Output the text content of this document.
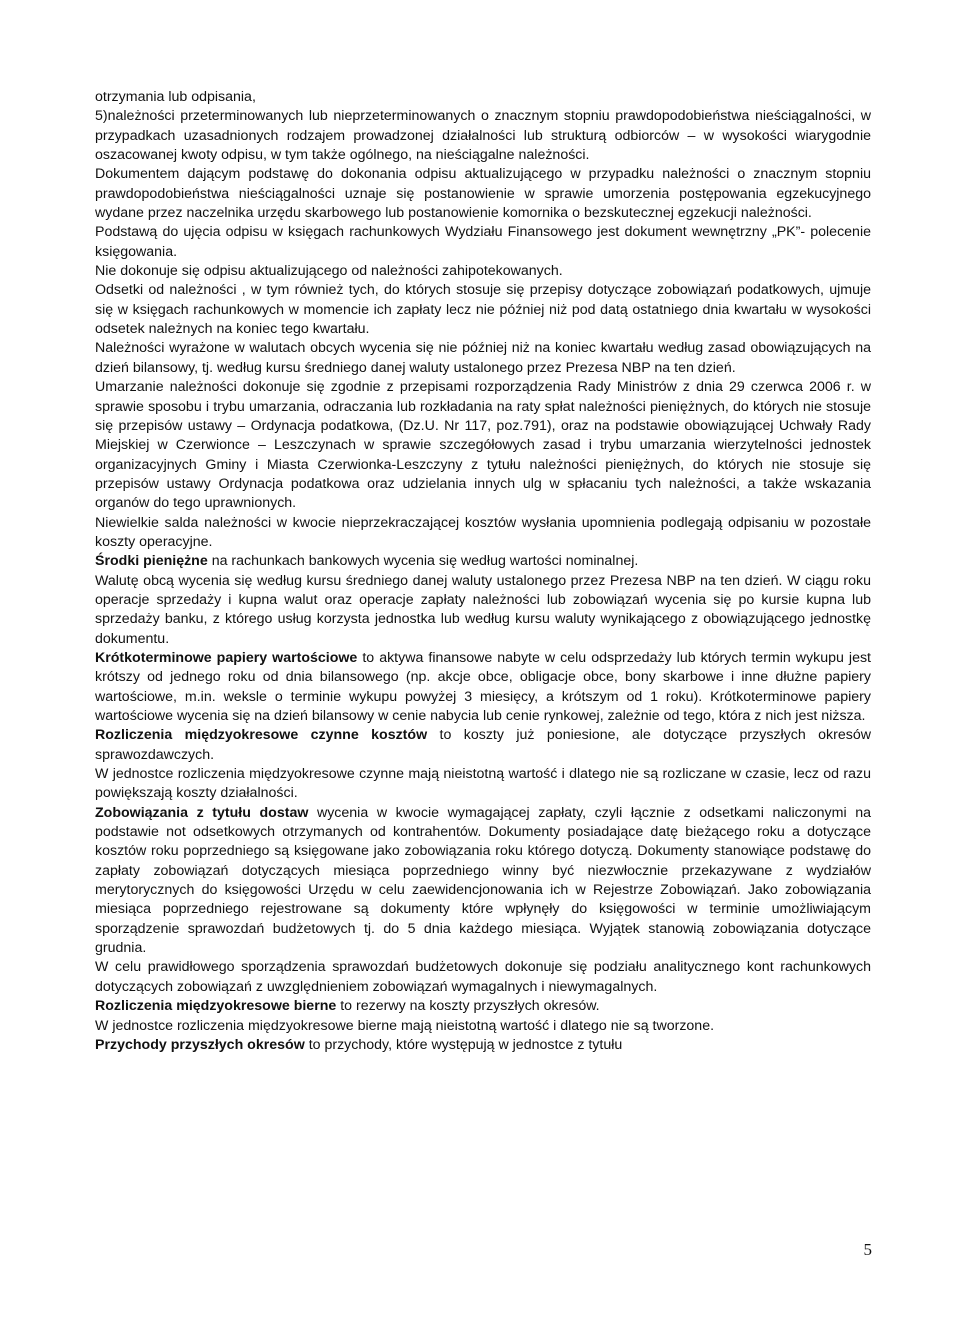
otrzymania lub odpisania,

5)należności przeterminowanych lub nieprzeterminowanych o znacznym stopniu prawdopodobieństwa nieściągalności, w przypadkach uzasadnionych rodzajem prowadzonej działalności lub strukturą odbiorców – w wysokości wiarygodnie oszacowanej kwoty odpisu, w tym także ogólnego, na nieściągalne należności.

Dokumentem dającym podstawę do dokonania odpisu aktualizującego w przypadku należności o znacznym stopniu prawdopodobieństwa nieściągalności uznaje się postanowienie w sprawie umorzenia postępowania egzekucyjnego wydane przez naczelnika urzędu skarbowego lub postanowienie komornika o bezskutecznej egzekucji należności.

Podstawą do ujęcia odpisu w księgach rachunkowych Wydziału Finansowego jest dokument wewnętrzny „PK”- polecenie księgowania.

Nie dokonuje się odpisu aktualizującego od należności zahipotekowanych.

Odsetki od należności , w tym również tych, do których stosuje się przepisy dotyczące zobowiązań podatkowych, ujmuje się w księgach rachunkowych w momencie ich zapłaty lecz nie później niż pod datą ostatniego dnia kwartału w wysokości odsetek należnych na koniec tego kwartału.

Należności wyrażone w walutach obcych wycenia się nie później niż na koniec kwartału według zasad obowiązujących na dzień bilansowy, tj. według kursu średniego danej waluty ustalonego przez Prezesa NBP na ten dzień.

Umarzanie należności dokonuje się zgodnie z przepisami rozporządzenia Rady Ministrów z dnia 29 czerwca 2006 r. w sprawie sposobu i trybu umarzania, odraczania lub rozkładania na raty spłat należności pieniężnych, do których nie stosuje się przepisów ustawy – Ordynacja podatkowa, (Dz.U. Nr 117, poz.791), oraz na podstawie obowiązującej Uchwały Rady Miejskiej w Czerwionce – Leszczynach w sprawie szczegółowych zasad i trybu umarzania wierzytelności jednostek organizacyjnych Gminy i Miasta Czerwionka-Leszczyny z tytułu należności pieniężnych, do których nie stosuje się przepisów ustawy Ordynacja podatkowa oraz udzielania innych ulg w spłacaniu tych należności, a także wskazania organów do tego uprawnionych.

Niewielkie salda należności w kwocie nieprzekraczającej kosztów wysłania upomnienia podlegają odpisaniu w pozostałe koszty operacyjne.

Środki pieniężne na rachunkach bankowych wycenia się według wartości nominalnej.

Walutę obcą wycenia się według kursu średniego danej waluty ustalonego przez Prezesa NBP na ten dzień. W ciągu roku operacje sprzedaży i kupna walut oraz operacje zapłaty należności lub zobowiązań wycenia się po kursie kupna lub sprzedaży banku, z którego usług korzysta jednostka lub według kursu waluty wynikającego z obowiązującego jednostkę dokumentu.

Krótkoterminowe papiery wartościowe to aktywa finansowe nabyte w celu odsprzedaży lub których termin wykupu jest krótszy od jednego roku od dnia bilansowego (np. akcje obce, obligacje obce, bony skarbowe i inne dłużne papiery wartościowe, m.in. weksle o terminie wykupu powyżej 3 miesięcy, a krótszym od 1 roku). Krótkoterminowe papiery wartościowe wycenia się na dzień bilansowy w cenie nabycia lub cenie rynkowej, zależnie od tego, która z nich jest niższa.

Rozliczenia międzyokresowe czynne kosztów to koszty już poniesione, ale dotyczące przyszłych okresów sprawozdawczych.

W jednostce rozliczenia międzyokresowe czynne mają nieistotną wartość i dlatego nie są rozliczane w czasie, lecz od razu powiększają koszty działalności.

Zobowiązania z tytułu dostaw wycenia w kwocie wymagającej zapłaty, czyli łącznie z odsetkami naliczonymi na podstawie not odsetkowych otrzymanych od kontrahentów. Dokumenty posiadające datę bieżącego roku a dotyczące kosztów roku poprzedniego są księgowane jako zobowiązania roku którego dotyczą. Dokumenty stanowiące podstawę do zapłaty zobowiązań dotyczących miesiąca poprzedniego winny być niezwłocznie przekazywane z wydziałów merytorycznych do księgowości Urzędu w celu zaewidencjonowania ich w Rejestrze Zobowiązań. Jako zobowiązania miesiąca poprzedniego rejestrowane są dokumenty które wpłynęły do księgowości w terminie umożliwiającym sporządzenie sprawozdań budżetowych tj. do 5 dnia każdego miesiąca. Wyjątek stanowią zobowiązania dotyczące grudnia.

W celu prawidłowego sporządzenia sprawozdań budżetowych dokonuje się podziału analitycznego kont rachunkowych dotyczących zobowiązań z uwzględnieniem zobowiązań wymagalnych i niewymagalnych.

Rozliczenia międzyokresowe bierne to rezerwy na koszty przyszłych okresów.

W jednostce rozliczenia międzyokresowe bierne mają nieistotną wartość i dlatego nie są tworzone.

Przychody przyszłych okresów to przychody, które występują w jednostce z tytułu

5
